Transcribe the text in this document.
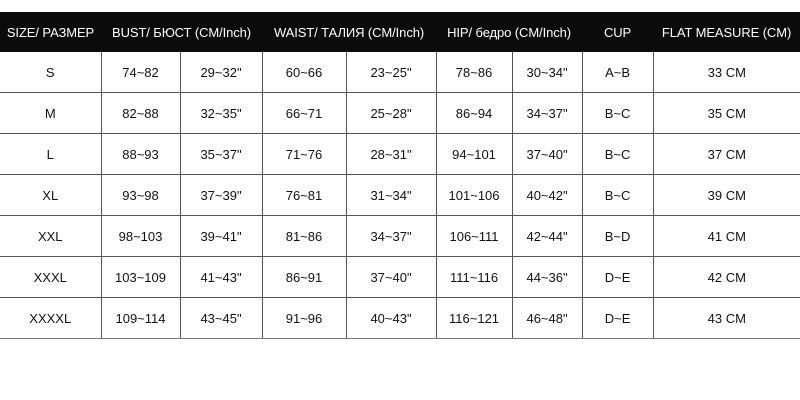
SIZE/ РАЗМЕР	BUST/ БЮСТ (CM/Inch)		WAIST/ ТАЛИЯ (CM/Inch)		HIP/ бедро (CM/Inch)		CUP	FLAT MEASURE (CM)
S	74~82	29~32"	60~66	23~25"	78~86	30~34"	A~B	33 CM
M	82~88	32~35"	66~71	25~28"	86~94	34~37"	B~C	35 CM
L	88~93	35~37"	71~76	28~31"	94~101	37~40"	B~C	37 CM
XL	93~98	37~39"	76~81	31~34"	101~106	40~42"	B~C	39 CM
XXL	98~103	39~41"	81~86	34~37"	106~111	42~44"	B~D	41 CM
XXXL	103~109	41~43"	86~91	37~40"	111~116	44~36"	D~E	42 CM
XXXXL	109~114	43~45"	91~96	40~43"	116~121	46~48"	D~E	43 CM
